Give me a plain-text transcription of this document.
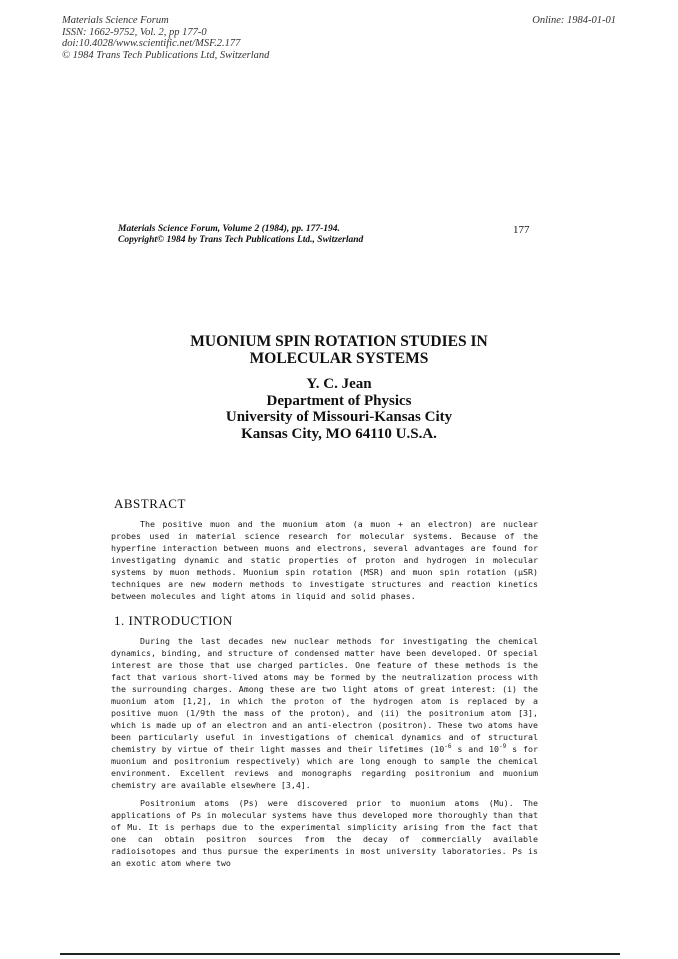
Materials Science Forum
ISSN: 1662-9752, Vol. 2, pp 177-0
doi:10.4028/www.scientific.net/MSF.2.177
© 1984 Trans Tech Publications Ltd, Switzerland
Online: 1984-01-01
Materials Science Forum, Volume 2 (1984), pp. 177-194.
Copyright© 1984 by Trans Tech Publications Ltd., Switzerland
177
MUONIUM SPIN ROTATION STUDIES IN
MOLECULAR SYSTEMS
Y. C. Jean
Department of Physics
University of Missouri-Kansas City
Kansas City, MO 64110 U.S.A.
ABSTRACT

The positive muon and the muonium atom (a muon + an electron) are nuclear probes used in material science research for molecular systems. Because of the hyperfine interaction between muons and electrons, several advantages are found for investigating dynamic and static properties of proton and hydrogen in molecular systems by muon methods. Muonium spin rotation (MSR) and muon spin rotation (μSR) techniques are new modern methods to investigate structures and reaction kinetics between molecules and light atoms in liquid and solid phases.

1. INTRODUCTION

During the last decades new nuclear methods for investigating the chemical dynamics, binding, and structure of condensed matter have been developed. Of special interest are those that use charged particles. One feature of these methods is the fact that various short-lived atoms may be formed by the neutralization process with the surrounding charges. Among these are two light atoms of great interest: (i) the muonium atom [1,2], in which the proton of the hydrogen atom is replaced by a positive muon (1/9th the mass of the proton), and (ii) the positronium atom [3], which is made up of an electron and an anti-electron (positron). These two atoms have been particularly useful in investigations of chemical dynamics and of structural chemistry by virtue of their light masses and their lifetimes ($10^{-6}$ s and $10^{-9}$ s for muonium and positronium respectively) which are long enough to sample the chemical environment. Excellent reviews and monographs regarding positronium and muonium chemistry are available elsewhere [3,4].

Positronium atoms (Ps) were discovered prior to muonium atoms (Mu). The applications of Ps in molecular systems have thus developed more thoroughly than that of Mu. It is perhaps due to the experimental simplicity arising from the fact that one can obtain positron sources from the decay of commercially available radioisotopes and thus pursue the experiments in most university laboratories. Ps is an exotic atom where two
